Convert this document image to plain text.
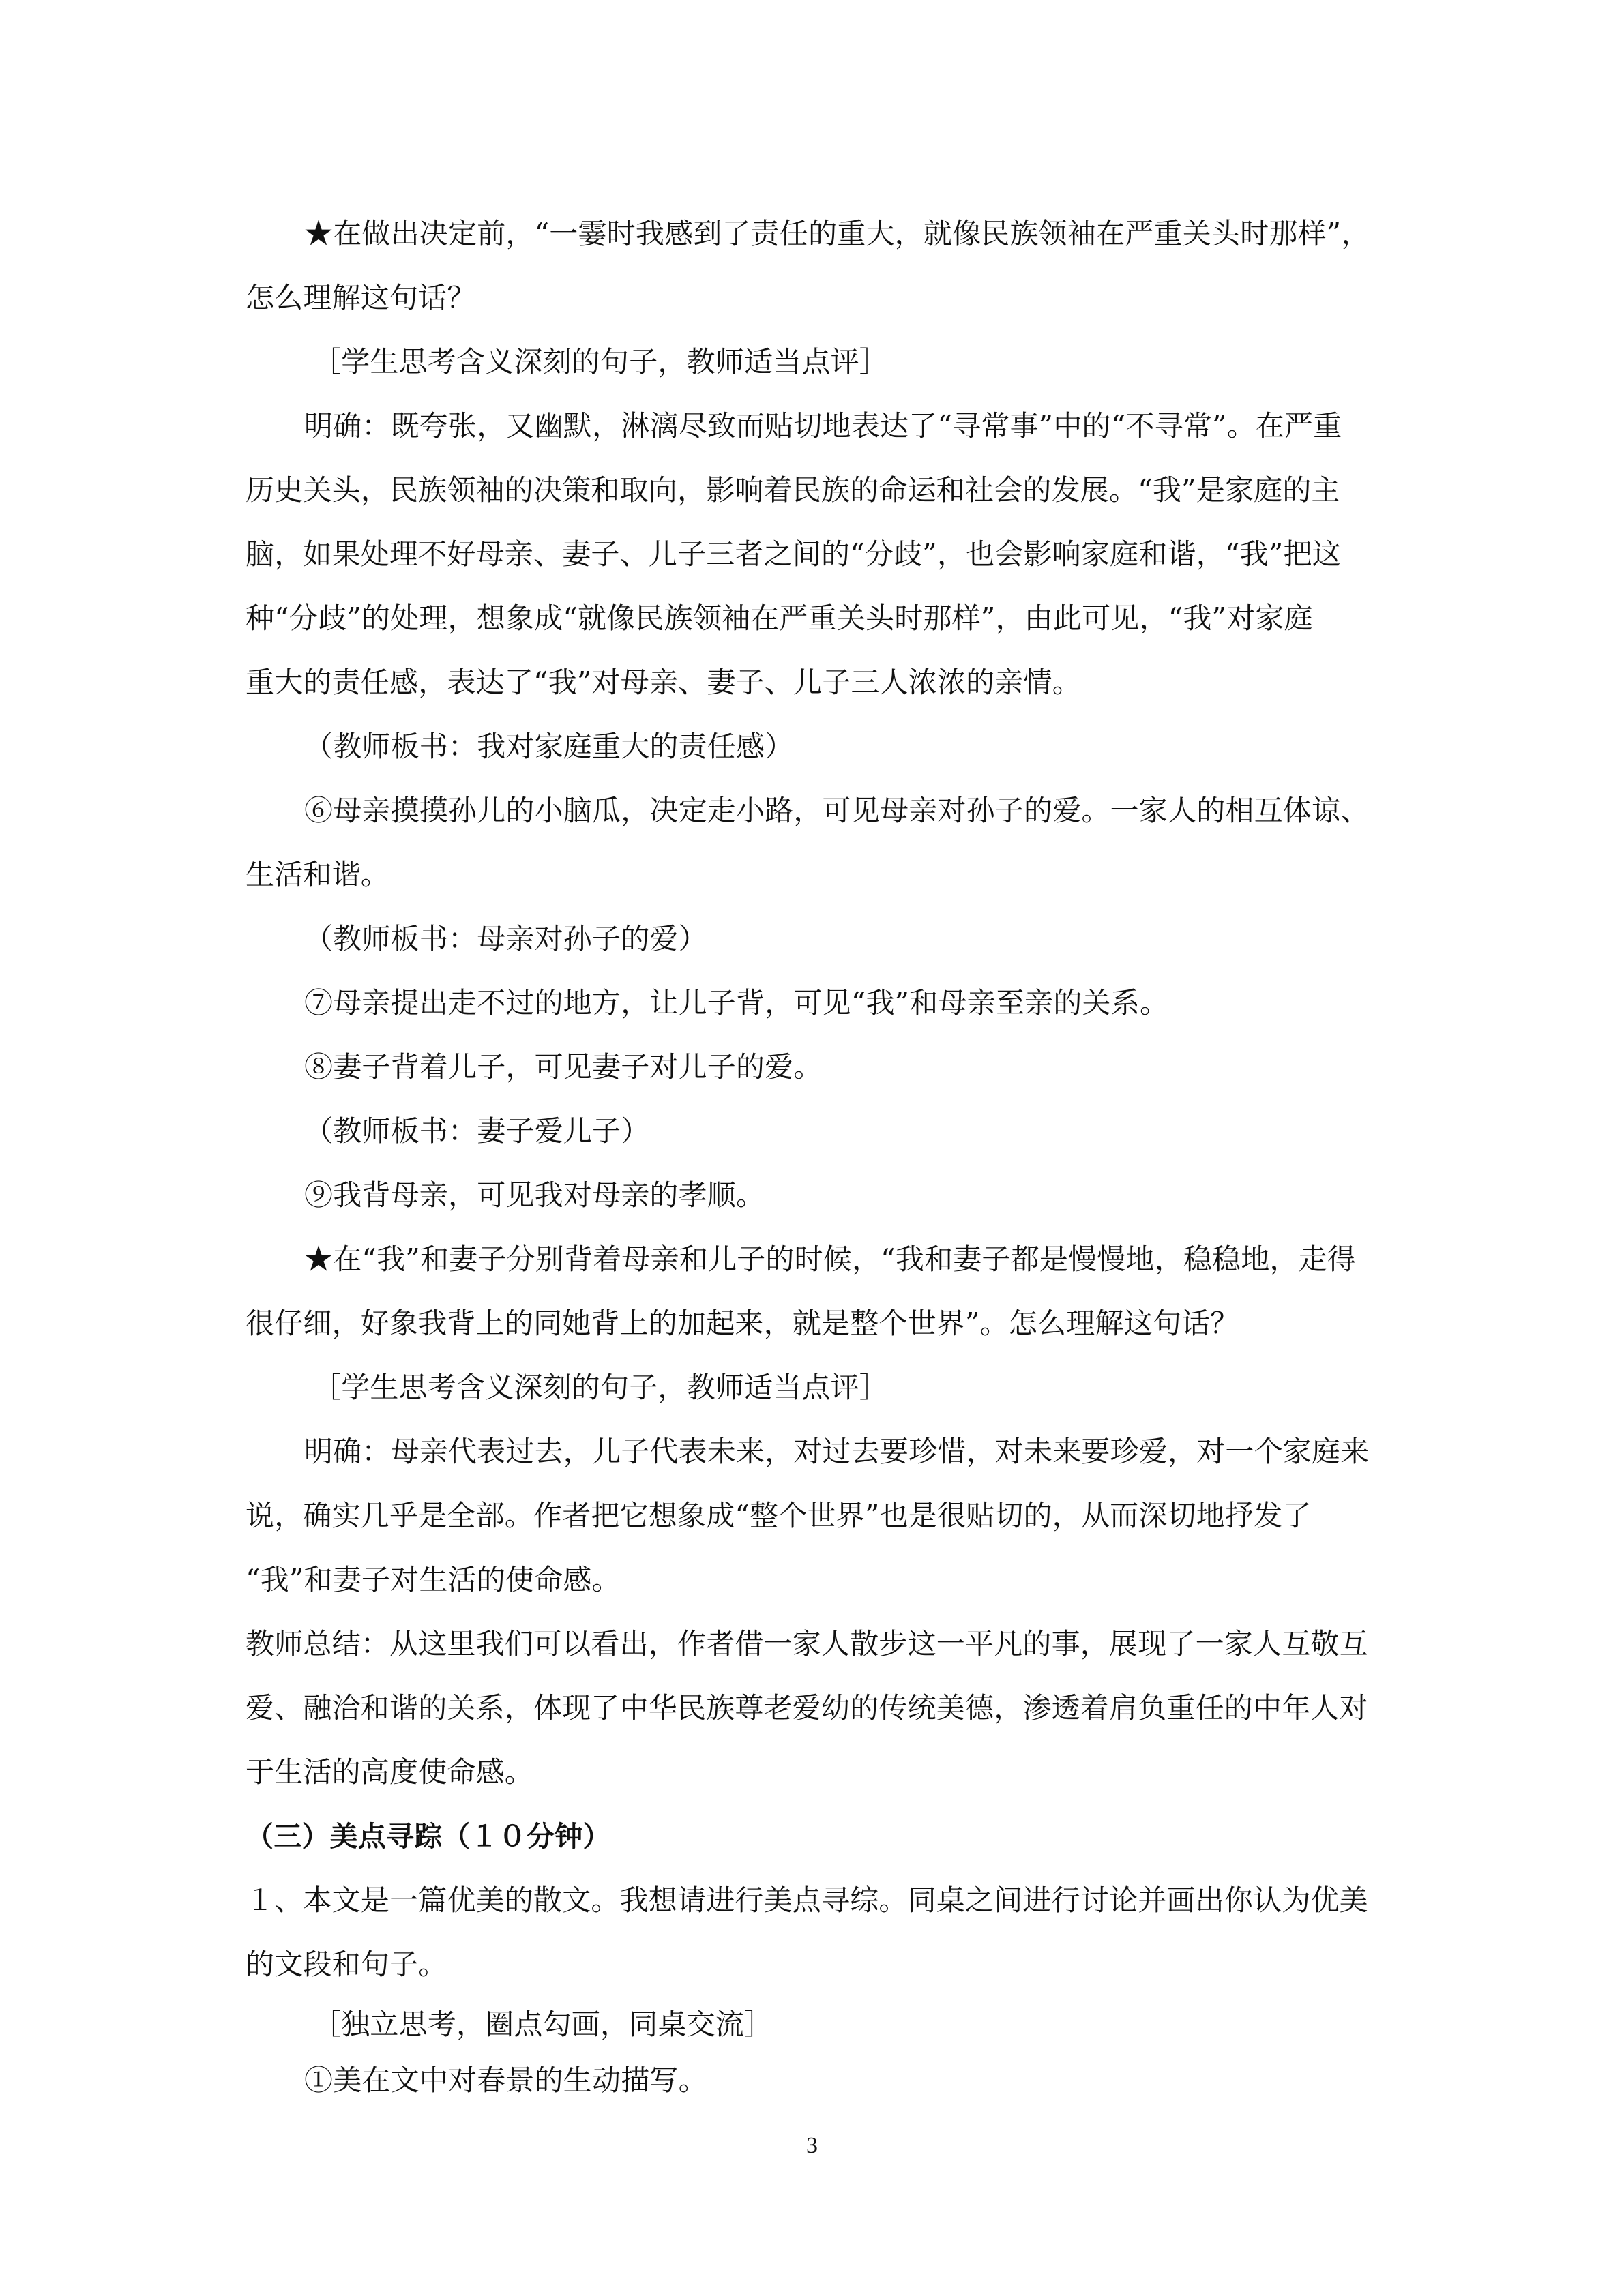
★在做出决定前，“一霎时我感到了责任的重大，就像民族领袖在严重关头时那样”，
怎么理解这句话？
［学生思考含义深刻的句子，教师适当点评］
明确：既夸张，又幽默，淋漓尽致而贴切地表达了“寻常事”中的“不寻常”。在严重
历史关头，民族领袖的决策和取向，影响着民族的命运和社会的发展。“我”是家庭的主
脑，如果处理不好母亲、妻子、儿子三者之间的“分歧”，也会影响家庭和谐，“我”把这
种“分歧”的处理，想象成“就像民族领袖在严重关头时那样”，由此可见，“我”对家庭
重大的责任感，表达了“我”对母亲、妻子、儿子三人浓浓的亲情。
（教师板书：我对家庭重大的责任感）
⑥母亲摸摸孙儿的小脑瓜，决定走小路，可见母亲对孙子的爱。一家人的相互体谅、
生活和谐。
（教师板书：母亲对孙子的爱）
⑦母亲提出走不过的地方，让儿子背，可见“我”和母亲至亲的关系。
⑧妻子背着儿子，可见妻子对儿子的爱。
（教师板书：妻子爱儿子）
⑨我背母亲，可见我对母亲的孝顺。
★在“我”和妻子分别背着母亲和儿子的时候，“我和妻子都是慢慢地，稳稳地，走得
很仔细，好象我背上的同她背上的加起来，就是整个世界”。怎么理解这句话？
［学生思考含义深刻的句子，教师适当点评］
明确：母亲代表过去，儿子代表未来，对过去要珍惜，对未来要珍爱，对一个家庭来
说，确实几乎是全部。作者把它想象成“整个世界”也是很贴切的，从而深切地抒发了
“我”和妻子对生活的使命感。
教师总结：从这里我们可以看出，作者借一家人散步这一平凡的事，展现了一家人互敬互
爱、融洽和谐的关系，体现了中华民族尊老爱幼的传统美德，渗透着肩负重任的中年人对
于生活的高度使命感。
（三）美点寻踪（１０分钟）
１、本文是一篇优美的散文。我想请进行美点寻综。同桌之间进行讨论并画出你认为优美
的文段和句子。
［独立思考，圈点勾画，同桌交流］
①美在文中对春景的生动描写。
3
